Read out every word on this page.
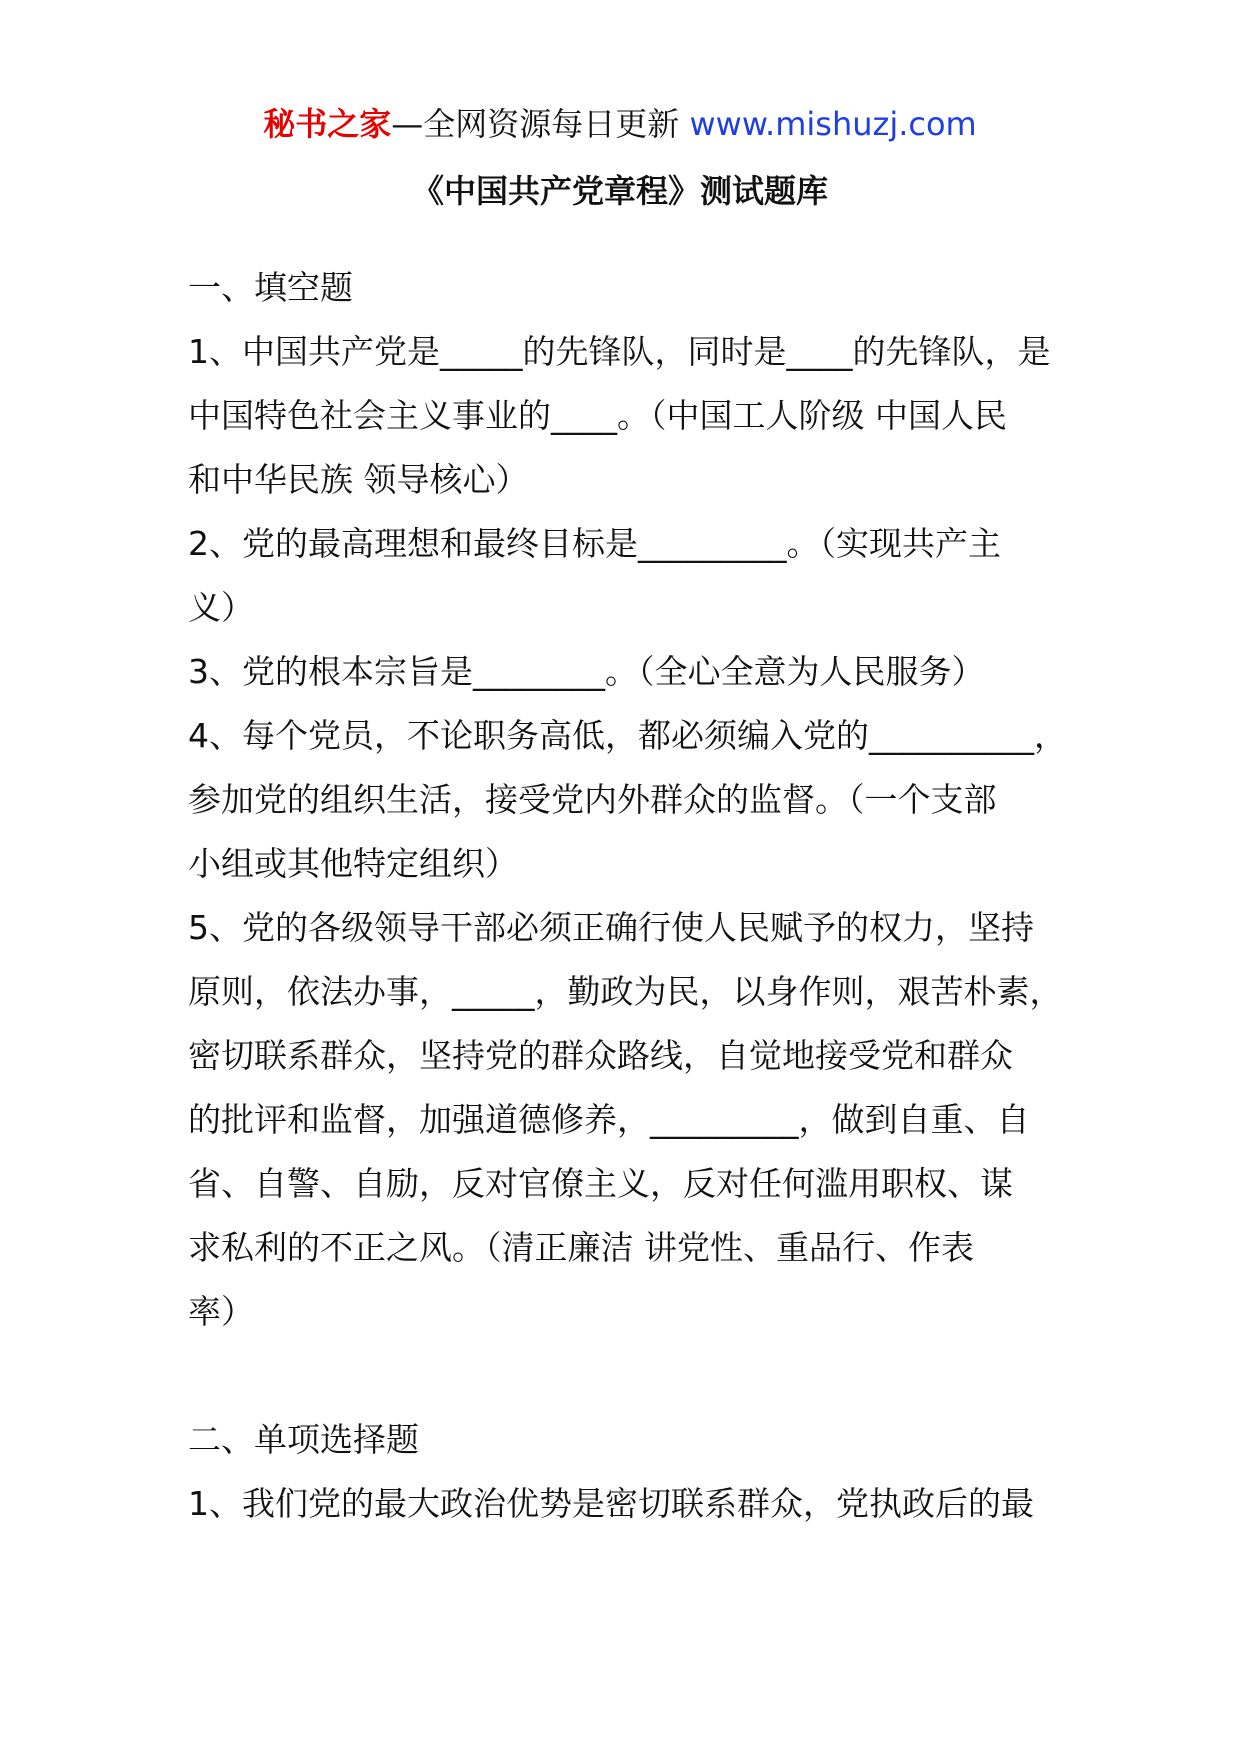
秘书之家—全网资源每日更新 www.mishuzj.com
《中国共产党章程》测试题库
一、填空题
1、中国共产党是_____的先锋队，同时是____的先锋队，是
中国特色社会主义事业的____。（中国工人阶级 中国人民
和中华民族 领导核心）
2、党的最高理想和最终目标是_________。（实现共产主
义）
3、党的根本宗旨是________。（全心全意为人民服务）
4、每个党员，不论职务高低，都必须编入党的__________，
参加党的组织生活，接受党内外群众的监督。（一个支部
小组或其他特定组织）
5、党的各级领导干部必须正确行使人民赋予的权力，坚持
原则，依法办事，_____，勤政为民，以身作则，艰苦朴素，
密切联系群众，坚持党的群众路线，自觉地接受党和群众
的批评和监督，加强道德修养，_________，做到自重、自
省、自警、自励，反对官僚主义，反对任何滥用职权、谋
求私利的不正之风。（清正廉洁 讲党性、重品行、作表
率）
二、单项选择题
1、我们党的最大政治优势是密切联系群众，党执政后的最
